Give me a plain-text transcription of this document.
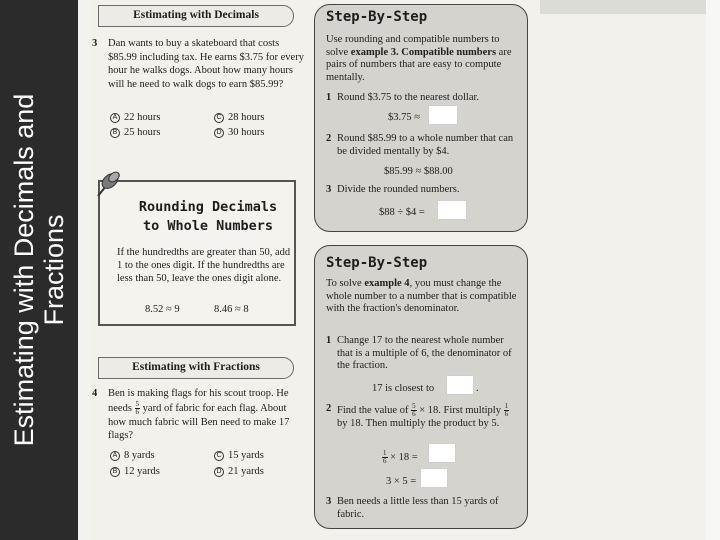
Estimating with Decimals and Fractions
Estimating with Decimals
3 Dan wants to buy a skateboard that costs $85.99 including tax. He earns $3.75 for every hour he walks dogs. About how many hours will he need to walk dogs to earn $85.99?
A 22 hours
B 25 hours
C 28 hours
D 30 hours
Rounding Decimals
to Whole Numbers
If the hundredths are greater than 50, add 1 to the ones digit. If the hundredths are less than 50, leave the ones digit alone.
8.52 ≈ 9	8.46 ≈ 8
Estimating with Fractions
4 Ben is making flags for his scout troop. He needs $\frac{5}{6}$ yard of fabric for each flag. About how much fabric will Ben need to make 17 flags?
A 8 yards
B 12 yards
C 15 yards
D 21 yards
Step-By-Step
Use rounding and compatible numbers to solve example 3. Compatible numbers are pairs of numbers that are easy to compute mentally.
1 Round $3.75 to the nearest dollar.
$3.75 ≈
2 Round $85.99 to a whole number that can be divided mentally by $4.
$85.99 ≈ $88.00
3 Divide the rounded numbers.
$88 ÷ $4 =
Step-By-Step
To solve example 4, you must change the whole number to a number that is compatible with the fraction's denominator.
1 Change 17 to the nearest whole number that is a multiple of 6, the denominator of the fraction.
17 is closest to	.
2 Find the value of $\frac{5}{6} \times 18$. First multiply $\frac{1}{6}$
by 18. Then multiply the product by 5.
$\frac{1}{6} \times 18$ =
3 × 5 =
3 Ben needs a little less than 15 yards of fabric.
